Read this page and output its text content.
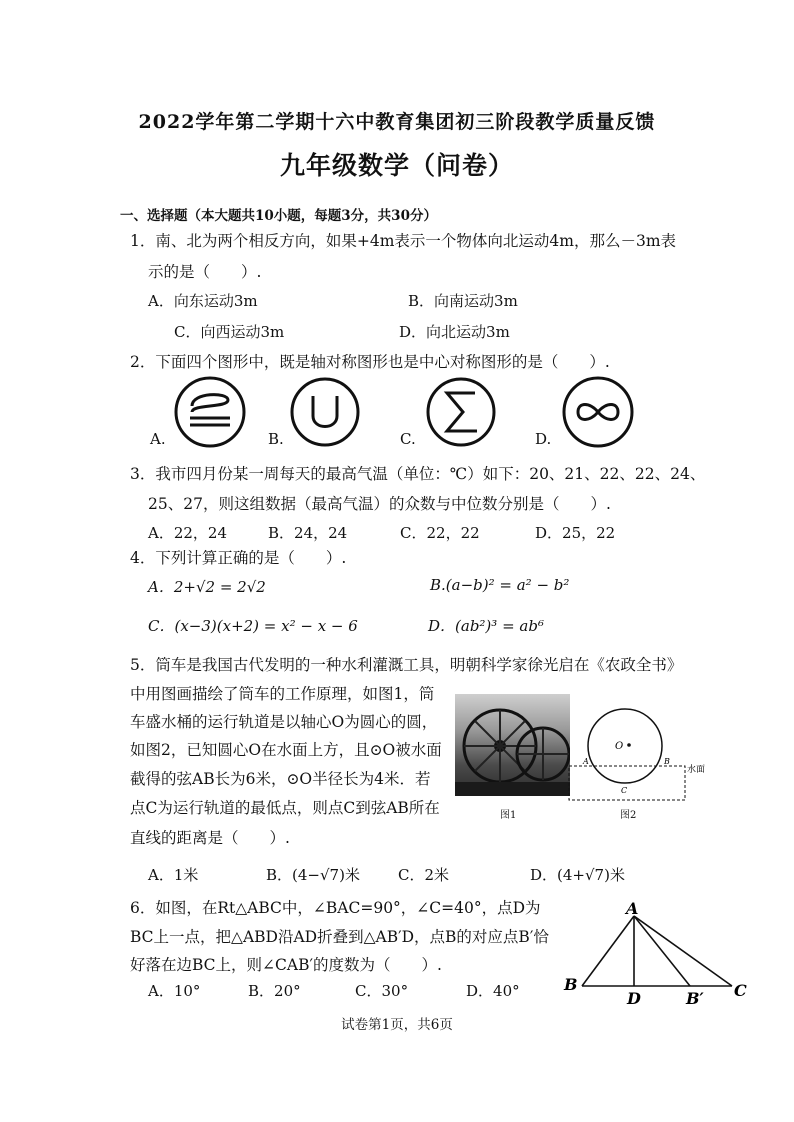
2022学年第二学期十六中教育集团初三阶段教学质量反馈
九年级数学（问卷）
一、选择题（本大题共10小题，每题3分，共30分）
1．南、北为两个相反方向，如果+4m表示一个物体向北运动4m，那么－3m表
示的是（　　）.
A．向东运动3m	B．向南运动3m
C．向西运动3m	D．向北运动3m
2．下面四个图形中，既是轴对称图形也是中心对称图形的是（　　）.
A.	B.	C.	D.
3．我市四月份某一周每天的最高气温（单位：℃）如下：20、21、22、22、24、
25、27，则这组数据（最高气温）的众数与中位数分别是（　　）.
A．22，24	B．24，24	C．22，22	D．25，22
4．下列计算正确的是（　　）.
A．2+√2 = 2√2	B.(a−b)² = a² − b²
C．(x−3)(x+2) = x² − x − 6	D．(ab²)³ = ab⁶
5．筒车是我国古代发明的一种水利灌溉工具，明朝科学家徐光启在《农政全书》
中用图画描绘了筒车的工作原理，如图1，筒
车盛水桶的运行轨道是以轴心O为圆心的圆，
如图2，已知圆心O在水面上方，且⊙O被水面
截得的弦AB长为6米，⊙O半径长为4米．若
点C为运行轨道的最低点，则点C到弦AB所在
直线的距离是（　　）.
图1
O
A	B
C
水面
图2
A．1米	B．(4−√7)米	C．2米	D．(4+√7)米
6．如图，在Rt△ABC中，∠BAC=90°，∠C=40°，点D为
BC上一点，把△ABD沿AD折叠到△AB′D，点B的对应点B′恰
好落在边BC上，则∠CAB′的度数为（　　）.
A．10°	B．20°	C．30°	D．40°
A
B
D	B′ C
试卷第1页，共6页
